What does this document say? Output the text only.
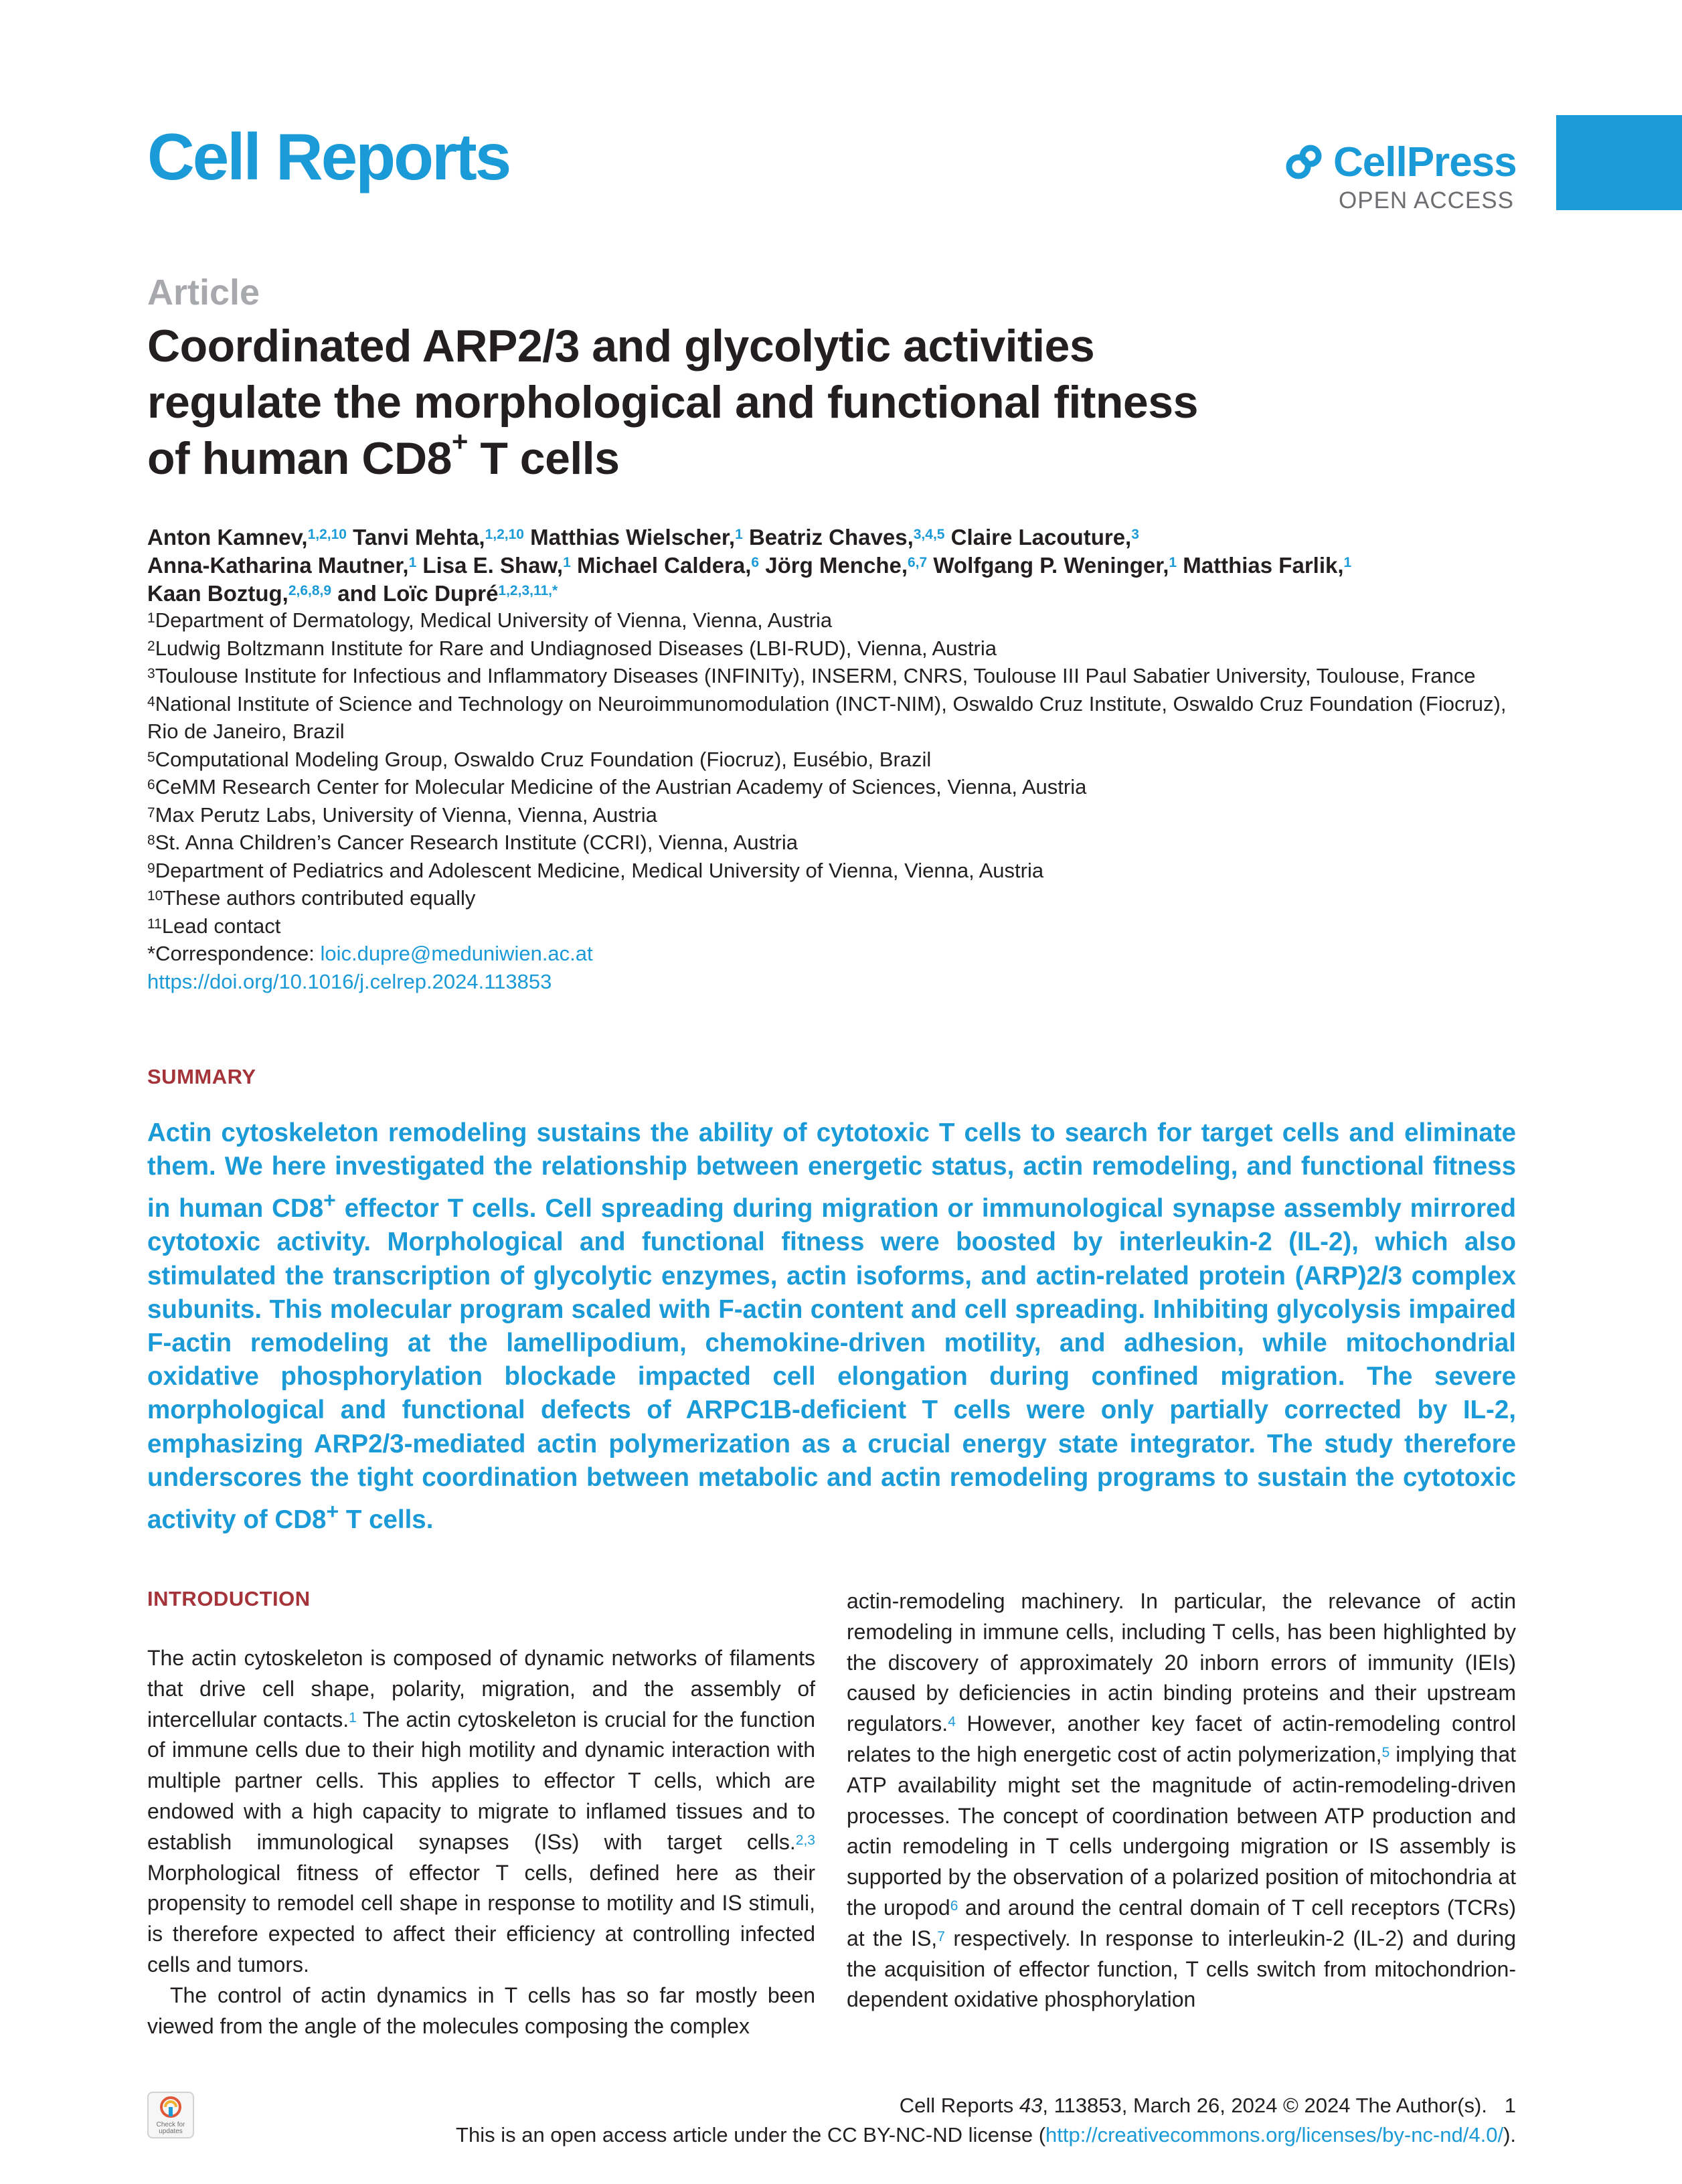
Cell Reports	CellPress
OPEN ACCESS
Article
Coordinated ARP2/3 and glycolytic activities
regulate the morphological and functional fitness
of human CD8+ T cells
Anton Kamnev,$^{1,2,10}$ Tanvi Mehta,$^{1,2,10}$ Matthias Wielscher,$^1$ Beatriz Chaves,$^{3,4,5}$ Claire Lacouture,$^3$
Anna-Katharina Mautner,$^1$ Lisa E. Shaw,$^1$ Michael Caldera,$^6$ Jörg Menche,$^{6,7}$ Wolfgang P. Weninger,$^1$ Matthias Farlik,$^1$
Kaan Boztug,$^{2,6,8,9}$ and Loïc Dupré$^{1,2,3,11,*}$
$^1$Department of Dermatology, Medical University of Vienna, Vienna, Austria
$^2$Ludwig Boltzmann Institute for Rare and Undiagnosed Diseases (LBI-RUD), Vienna, Austria
$^3$Toulouse Institute for Infectious and Inflammatory Diseases (INFINITy), INSERM, CNRS, Toulouse III Paul Sabatier University, Toulouse, France
$^4$National Institute of Science and Technology on Neuroimmunomodulation (INCT-NIM), Oswaldo Cruz Institute, Oswaldo Cruz Foundation (Fiocruz), Rio de Janeiro, Brazil
$^5$Computational Modeling Group, Oswaldo Cruz Foundation (Fiocruz), Eusébio, Brazil
$^6$CeMM Research Center for Molecular Medicine of the Austrian Academy of Sciences, Vienna, Austria
$^7$Max Perutz Labs, University of Vienna, Vienna, Austria
$^8$St. Anna Children’s Cancer Research Institute (CCRI), Vienna, Austria
$^9$Department of Pediatrics and Adolescent Medicine, Medical University of Vienna, Vienna, Austria
$^{10}$These authors contributed equally
$^{11}$Lead contact
*Correspondence: loic.dupre@meduniwien.ac.at
https://doi.org/10.1016/j.celrep.2024.113853
SUMMARY

Actin cytoskeleton remodeling sustains the ability of cytotoxic T cells to search for target cells and eliminate them. We here investigated the relationship between energetic status, actin remodeling, and functional fitness in human CD8+ effector T cells. Cell spreading during migration or immunological synapse assembly mirrored cytotoxic activity. Morphological and functional fitness were boosted by interleukin-2 (IL-2), which also stimulated the transcription of glycolytic enzymes, actin isoforms, and actin-related protein (ARP)2/3 complex subunits. This molecular program scaled with F-actin content and cell spreading. Inhibiting glycolysis impaired F-actin remodeling at the lamellipodium, chemokine-driven motility, and adhesion, while mitochondrial oxidative phosphorylation blockade impacted cell elongation during confined migration. The severe morphological and functional defects of ARPC1B-deficient T cells were only partially corrected by IL-2, emphasizing ARP2/3-mediated actin polymerization as a crucial energy state integrator. The study therefore underscores the tight coordination between metabolic and actin remodeling programs to sustain the cytotoxic activity of CD8+ T cells.

INTRODUCTION

The actin cytoskeleton is composed of dynamic networks of filaments that drive cell shape, polarity, migration, and the assembly of intercellular contacts.$^1$ The actin cytoskeleton is crucial for the function of immune cells due to their high motility and dynamic interaction with multiple partner cells. This applies to effector T cells, which are endowed with a high capacity to migrate to inflamed tissues and to establish immunological synapses (ISs) with target cells.$^{2,3}$ Morphological fitness of effector T cells, defined here as their propensity to remodel cell shape in response to motility and IS stimuli, is therefore expected to affect their efficiency at controlling infected cells and tumors.

The control of actin dynamics in T cells has so far mostly been viewed from the angle of the molecules composing the complex

actin-remodeling machinery. In particular, the relevance of actin remodeling in immune cells, including T cells, has been highlighted by the discovery of approximately 20 inborn errors of immunity (IEIs) caused by deficiencies in actin binding proteins and their upstream regulators.$^4$ However, another key facet of actin-remodeling control relates to the high energetic cost of actin polymerization,$^5$ implying that ATP availability might set the magnitude of actin-remodeling-driven processes. The concept of coordination between ATP production and actin remodeling in T cells undergoing migration or IS assembly is supported by the observation of a polarized position of mitochondria at the uropod$^6$ and around the central domain of T cell receptors (TCRs) at the IS,$^7$ respectively. In response to interleukin-2 (IL-2) and during the acquisition of effector function, T cells switch from mitochondrion-dependent oxidative phosphorylation

Check for updates
Cell Reports 43, 113853, March 26, 2024 © 2024 The Author(s). 1
This is an open access article under the CC BY-NC-ND license (http://creativecommons.org/licenses/by-nc-nd/4.0/).
